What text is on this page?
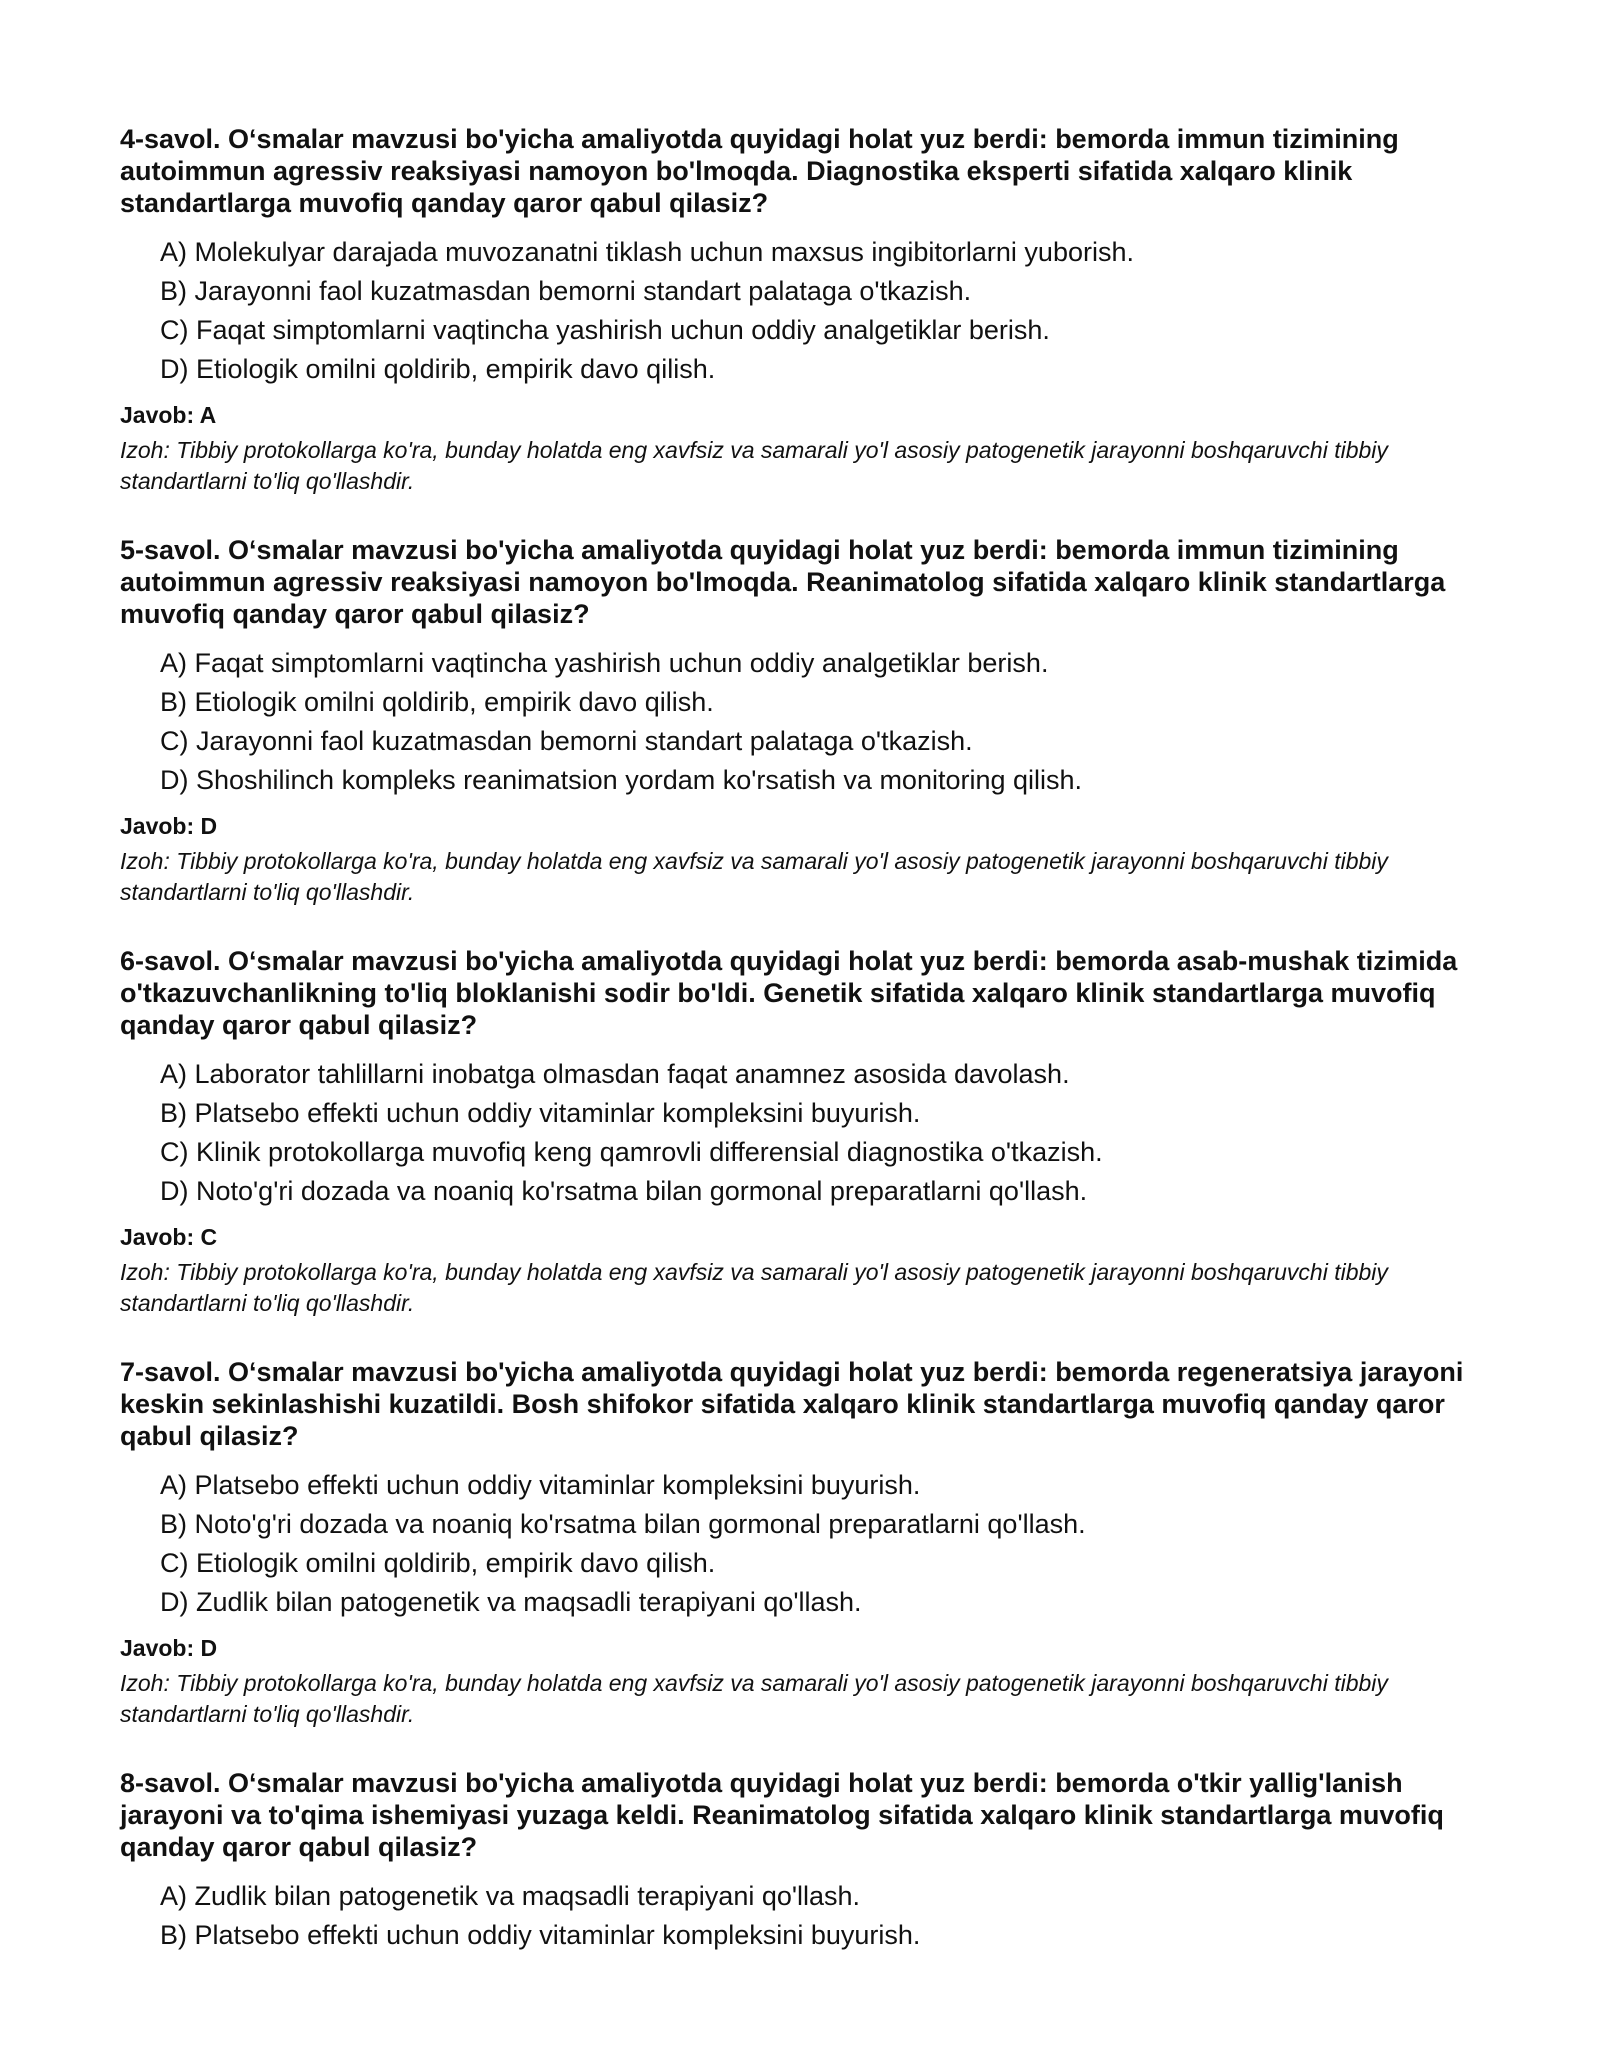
4-savol. O‘smalar mavzusi bo'yicha amaliyotda quyidagi holat yuz berdi: bemorda immun tizimining autoimmun agressiv reaksiyasi namoyon bo'lmoqda. Diagnostika eksperti sifatida xalqaro klinik standartlarga muvofiq qanday qaror qabul qilasiz?

A) Molekulyar darajada muvozanatni tiklash uchun maxsus ingibitorlarni yuborish.
B) Jarayonni faol kuzatmasdan bemorni standart palataga o'tkazish.
C) Faqat simptomlarni vaqtincha yashirish uchun oddiy analgetiklar berish.
D) Etiologik omilni qoldirib, empirik davo qilish.

Javob: A

Izoh: Tibbiy protokollarga ko'ra, bunday holatda eng xavfsiz va samarali yo'l asosiy patogenetik jarayonni boshqaruvchi tibbiy standartlarni to'liq qo'llashdir.

5-savol. O‘smalar mavzusi bo'yicha amaliyotda quyidagi holat yuz berdi: bemorda immun tizimining autoimmun agressiv reaksiyasi namoyon bo'lmoqda. Reanimatolog sifatida xalqaro klinik standartlarga muvofiq qanday qaror qabul qilasiz?

A) Faqat simptomlarni vaqtincha yashirish uchun oddiy analgetiklar berish.
B) Etiologik omilni qoldirib, empirik davo qilish.
C) Jarayonni faol kuzatmasdan bemorni standart palataga o'tkazish.
D) Shoshilinch kompleks reanimatsion yordam ko'rsatish va monitoring qilish.

Javob: D

Izoh: Tibbiy protokollarga ko'ra, bunday holatda eng xavfsiz va samarali yo'l asosiy patogenetik jarayonni boshqaruvchi tibbiy standartlarni to'liq qo'llashdir.

6-savol. O‘smalar mavzusi bo'yicha amaliyotda quyidagi holat yuz berdi: bemorda asab-mushak tizimida o'tkazuvchanlikning to'liq bloklanishi sodir bo'ldi. Genetik sifatida xalqaro klinik standartlarga muvofiq qanday qaror qabul qilasiz?

A) Laborator tahlillarni inobatga olmasdan faqat anamnez asosida davolash.
B) Platsebo effekti uchun oddiy vitaminlar kompleksini buyurish.
C) Klinik protokollarga muvofiq keng qamrovli differensial diagnostika o'tkazish.
D) Noto'g'ri dozada va noaniq ko'rsatma bilan gormonal preparatlarni qo'llash.

Javob: C

Izoh: Tibbiy protokollarga ko'ra, bunday holatda eng xavfsiz va samarali yo'l asosiy patogenetik jarayonni boshqaruvchi tibbiy standartlarni to'liq qo'llashdir.

7-savol. O‘smalar mavzusi bo'yicha amaliyotda quyidagi holat yuz berdi: bemorda regeneratsiya jarayoni keskin sekinlashishi kuzatildi. Bosh shifokor sifatida xalqaro klinik standartlarga muvofiq qanday qaror qabul qilasiz?

A) Platsebo effekti uchun oddiy vitaminlar kompleksini buyurish.
B) Noto'g'ri dozada va noaniq ko'rsatma bilan gormonal preparatlarni qo'llash.
C) Etiologik omilni qoldirib, empirik davo qilish.
D) Zudlik bilan patogenetik va maqsadli terapiyani qo'llash.

Javob: D

Izoh: Tibbiy protokollarga ko'ra, bunday holatda eng xavfsiz va samarali yo'l asosiy patogenetik jarayonni boshqaruvchi tibbiy standartlarni to'liq qo'llashdir.

8-savol. O‘smalar mavzusi bo'yicha amaliyotda quyidagi holat yuz berdi: bemorda o'tkir yallig'lanish jarayoni va to'qima ishemiyasi yuzaga keldi. Reanimatolog sifatida xalqaro klinik standartlarga muvofiq qanday qaror qabul qilasiz?

A) Zudlik bilan patogenetik va maqsadli terapiyani qo'llash.
B) Platsebo effekti uchun oddiy vitaminlar kompleksini buyurish.
